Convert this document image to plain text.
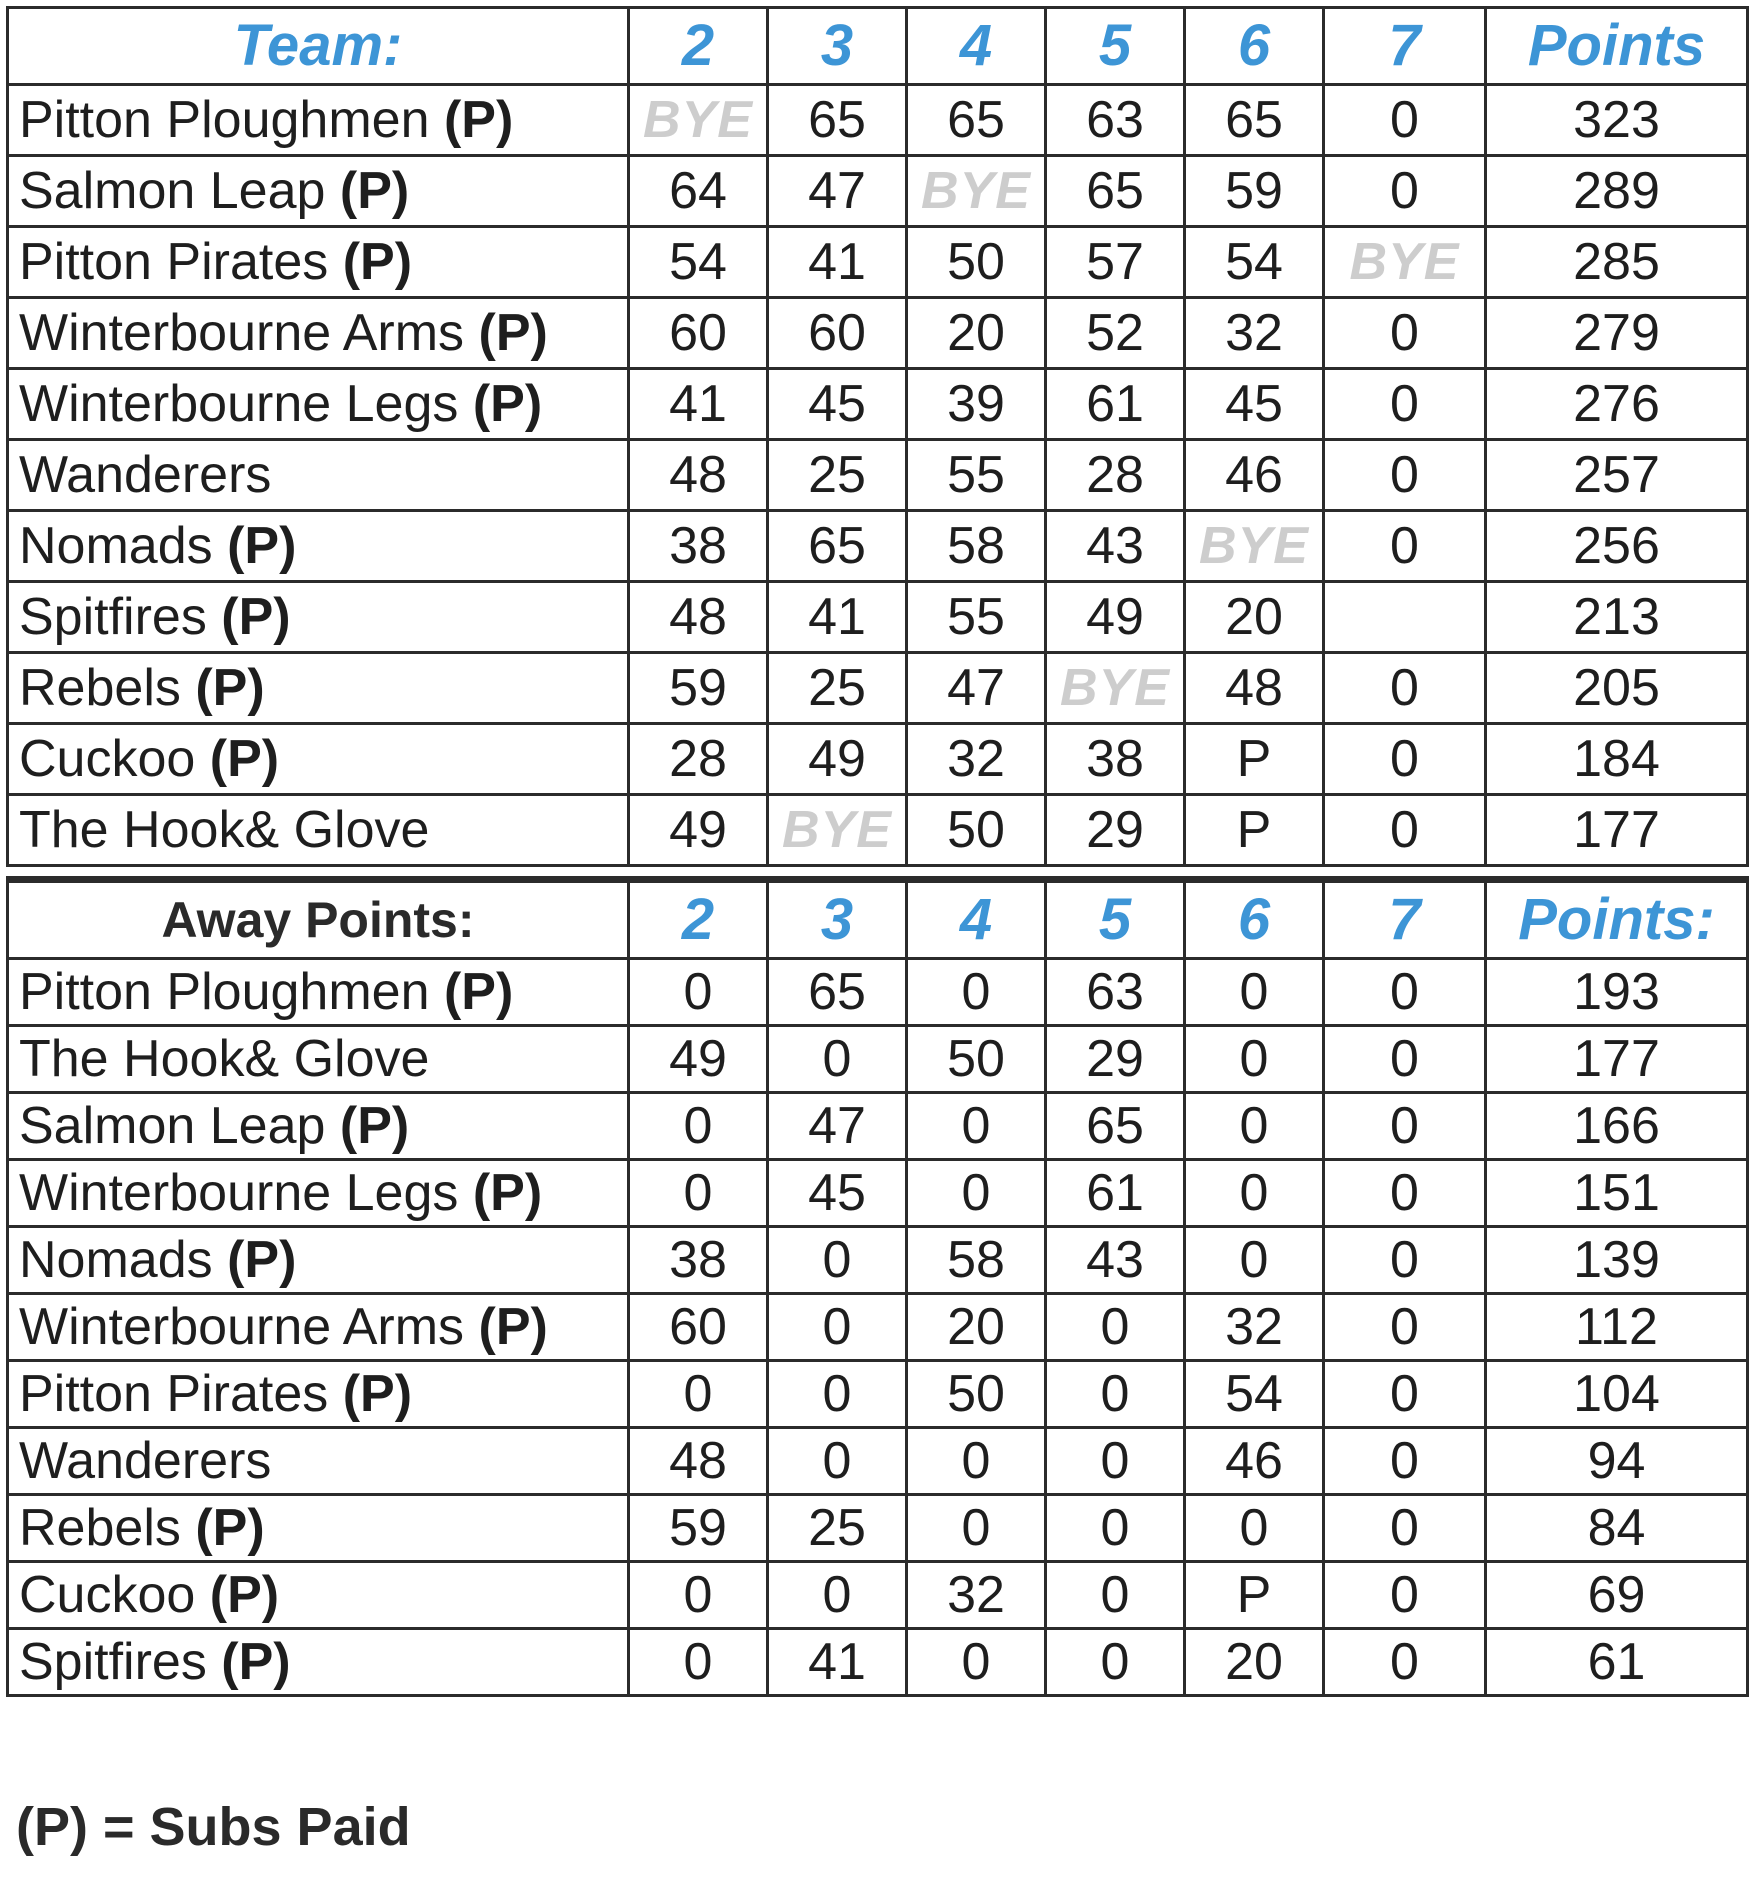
Team:	2	3	4	5	6	7	Points
Pitton Ploughmen (P)	BYE	65	65	63	65	0	323
Salmon Leap (P)	64	47	BYE	65	59	0	289
Pitton Pirates (P)	54	41	50	57	54	BYE	285
Winterbourne Arms (P)	60	60	20	52	32	0	279
Winterbourne Legs (P)	41	45	39	61	45	0	276
Wanderers	48	25	55	28	46	0	257
Nomads (P)	38	65	58	43	BYE	0	256
Spitfires (P)	48	41	55	49	20		213
Rebels (P)	59	25	47	BYE	48	0	205
Cuckoo (P)	28	49	32	38	P	0	184
The Hook& Glove	49	BYE	50	29	P	0	177
Away Points:	2	3	4	5	6	7	Points:
Pitton Ploughmen (P)	0	65	0	63	0	0	193
The Hook& Glove	49	0	50	29	0	0	177
Salmon Leap (P)	0	47	0	65	0	0	166
Winterbourne Legs (P)	0	45	0	61	0	0	151
Nomads (P)	38	0	58	43	0	0	139
Winterbourne Arms (P)	60	0	20	0	32	0	112
Pitton Pirates (P)	0	0	50	0	54	0	104
Wanderers	48	0	0	0	46	0	94
Rebels (P)	59	25	0	0	0	0	84
Cuckoo (P)	0	0	32	0	P	0	69
Spitfires (P)	0	41	0	0	20	0	61
(P) = Subs Paid
